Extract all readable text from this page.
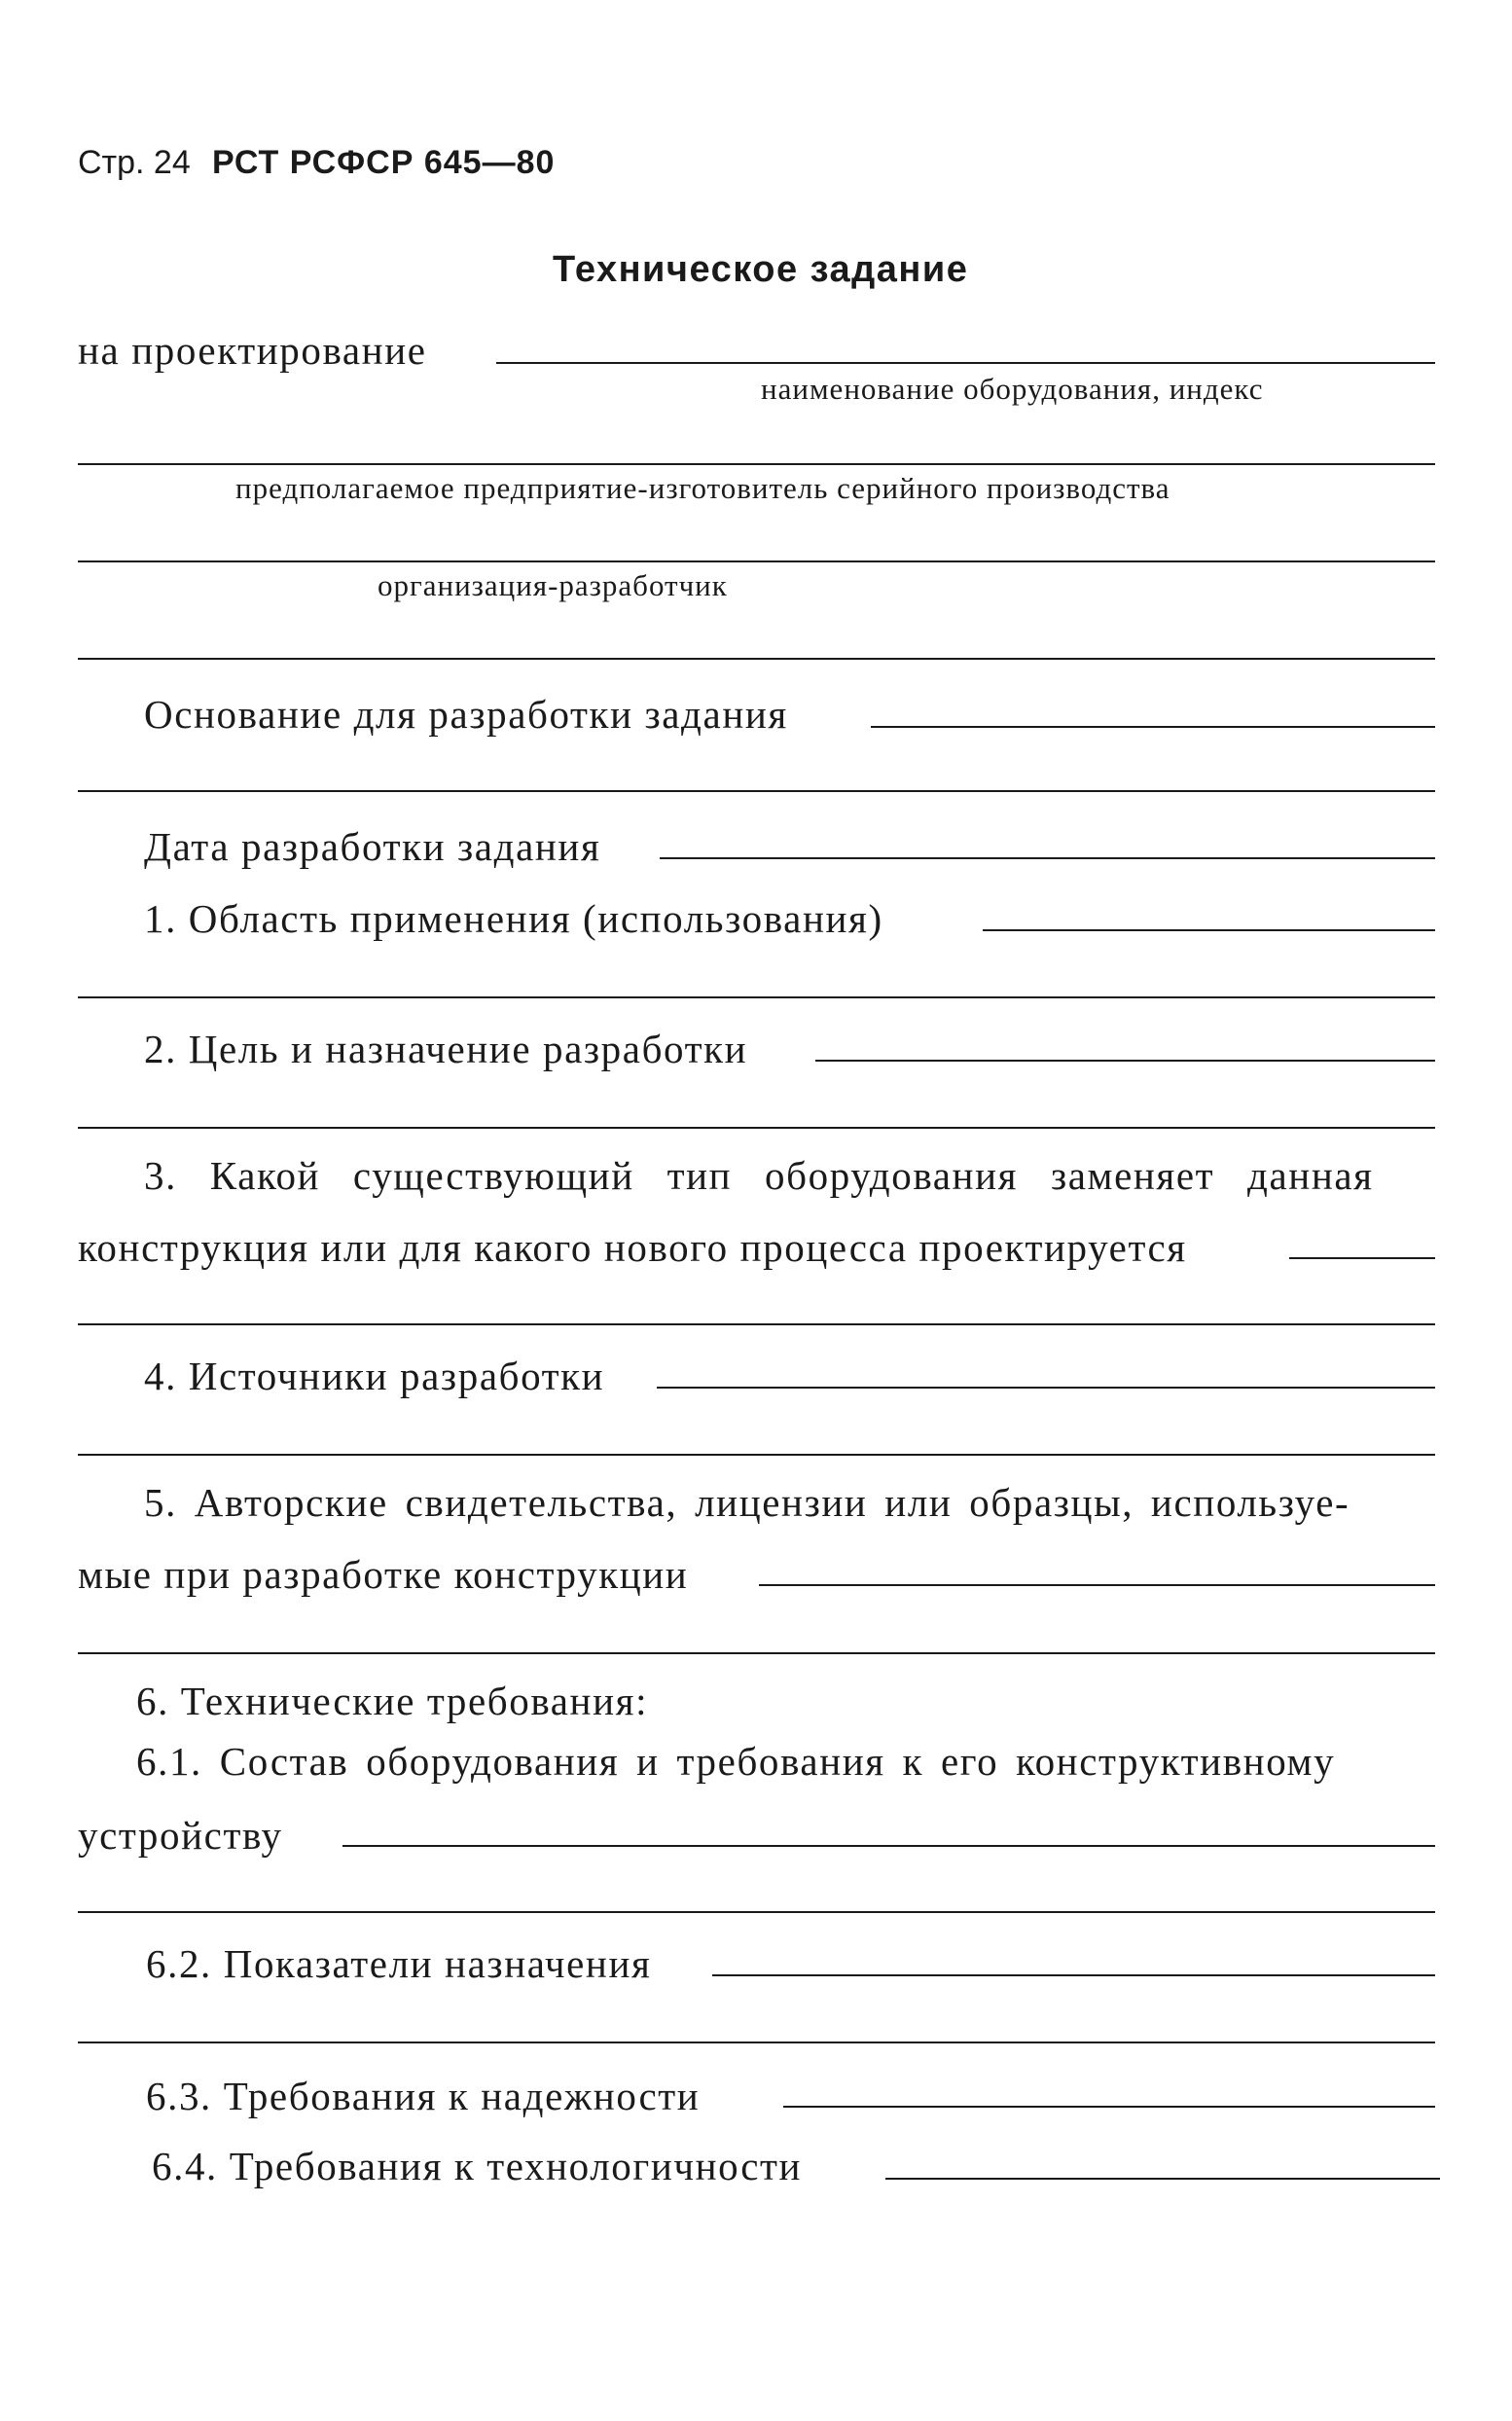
Стр. 24 РСТ РСФСР 645—80
Техническое задание
на проектирование
наименование оборудования, индекс
предполагаемое предприятие-изготовитель серийного производства
организация-разработчик
Основание для разработки задания
Дата разработки задания
1. Область применения (использования)
2. Цель и назначение разработки
3. Какой существующий тип оборудования заменяет данная
конструкция или для какого нового процесса проектируется
4. Источники разработки
5. Авторские свидетельства, лицензии или образцы, используе-
мые при разработке конструкции
6. Технические требования:
6.1. Состав оборудования и требования к его конструктивному
устройству
6.2. Показатели назначения
6.3. Требования к надежности
6.4. Требования к технологичности
